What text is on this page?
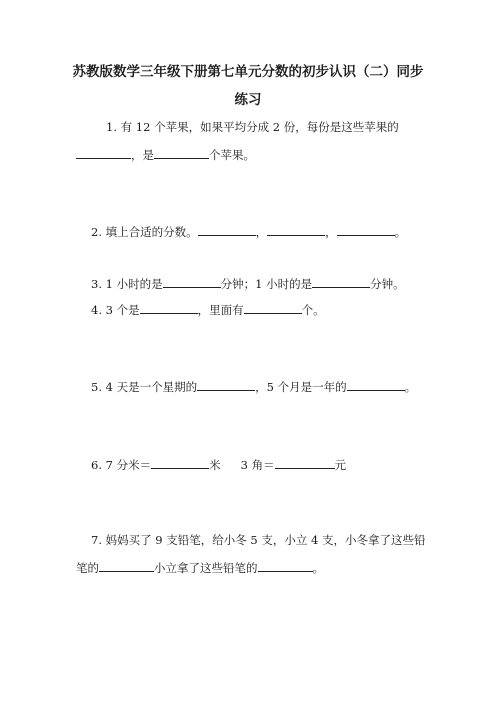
苏教版数学三年级下册第七单元分数的初步认识（二）同步
练习
1. 有 12 个苹果，如果平均分成 2 份，每份是这些苹果的
，是	个苹果。
2. 填上合适的分数。	，	，	。
3. 1 小时的是	分钟；1 小时的是	分钟。
4. 3 个是	，里面有	个。
5. 4 天是一个星期的	，5 个月是一年的	。
6. 7 分米＝	米 3 角＝	元
7. 妈妈买了 9 支铅笔，给小冬 5 支，小立 4 支，小冬拿了这些铅
笔的	小立拿了这些铅笔的	。
